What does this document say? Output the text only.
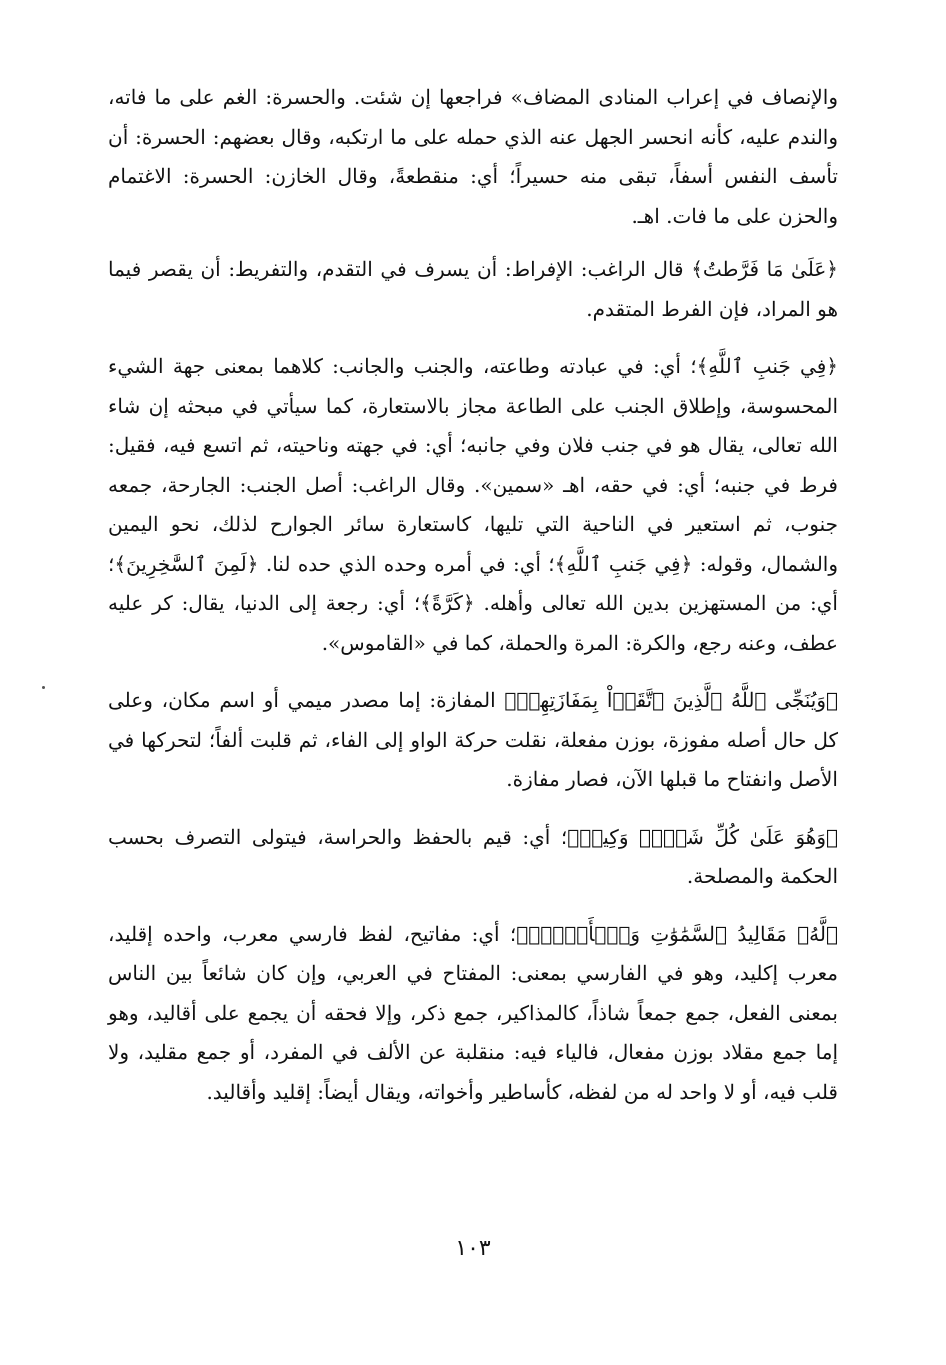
والإنصاف في إعراب المنادى المضاف» فراجعها إن شئت. والحسرة: الغم على ما فاته، والندم عليه، كأنه انحسر الجهل عنه الذي حمله على ما ارتكبه، وقال بعضهم: الحسرة: أن تأسف النفس أسفاً، تبقى منه حسيراً؛ أي: منقطعةً، وقال الخازن: الحسرة: الاغتمام والحزن على ما فات. اهـ.

﴿عَلَىٰ مَا فَرَّطتُ﴾ قال الراغب: الإفراط: أن يسرف في التقدم، والتفريط: أن يقصر فيما هو المراد، فإن الفرط المتقدم.

﴿فِي جَنبِ ٱللَّهِ﴾؛ أي: في عبادته وطاعته، والجنب والجانب: كلاهما بمعنى جهة الشيء المحسوسة، وإطلاق الجنب على الطاعة مجاز بالاستعارة، كما سيأتي في مبحثه إن شاء الله تعالى، يقال هو في جنب فلان وفي جانبه؛ أي: في جهته وناحيته، ثم اتسع فيه، فقيل: فرط في جنبه؛ أي: في حقه، اهـ «سمين». وقال الراغب: أصل الجنب: الجارحة، جمعه جنوب، ثم استعير في الناحية التي تليها، كاستعارة سائر الجوارح لذلك، نحو اليمين والشمال، وقوله: ﴿فِي جَنبِ ٱللَّهِ﴾؛ أي: في أمره وحده الذي حده لنا. ﴿لَمِنَ ٱلسَّٰخِرِينَ﴾؛ أي: من المستهزين بدين الله تعالى وأهله. ﴿كَرَّةً﴾؛ أي: رجعة إلى الدنيا، يقال: كر عليه عطف، وعنه رجع، والكرة: المرة والحملة، كما في «القاموس».

﴿وَيُنَجِّى ٱللَّهُ ٱلَّذِينَ ٱتَّقَوۡاْ بِمَفَازَتِهِمۡ﴾ المفازة: إما مصدر ميمي أو اسم مكان، وعلى كل حال أصله مفوزة، بوزن مفعلة، نقلت حركة الواو إلى الفاء، ثم قلبت ألفاً؛ لتحركها في الأصل وانفتاح ما قبلها الآن، فصار مفازة.

﴿وَهُوَ عَلَىٰ كُلِّ شَيۡءٖ وَكِيلٞ﴾؛ أي: قيم بالحفظ والحراسة، فيتولى التصرف بحسب الحكمة والمصلحة.

﴿لَّهُۥ مَقَالِيدُ ٱلسَّمَٰوَٰتِ وَٱلۡأَرۡضِۗ﴾؛ أي: مفاتيح، لفظ فارسي معرب، واحده إقليد، معرب إكليد، وهو في الفارسي بمعنى: المفتاح في العربي، وإن كان شائعاً بين الناس بمعنى الفعل، جمع جمعاً شاذاً، كالمذاكير، جمع ذكر، وإلا فحقه أن يجمع على أقاليد، وهو إما جمع مقلاد بوزن مفعال، فالياء فيه: منقلبة عن الألف في المفرد، أو جمع مقليد، ولا قلب فيه، أو لا واحد له من لفظه، كأساطير وأخواته، ويقال أيضاً: إقليد وأقاليد.

١٠٣
